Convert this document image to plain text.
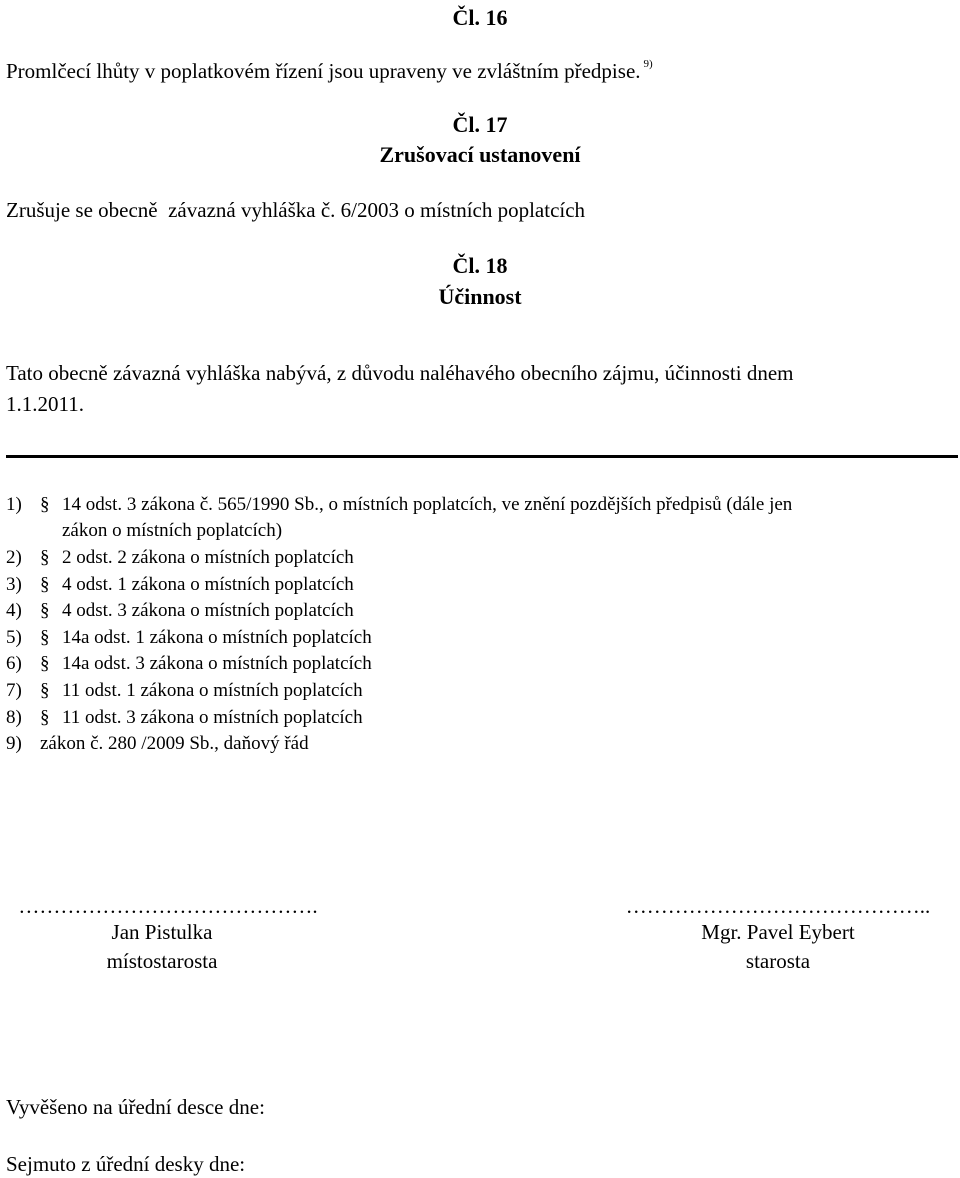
Čl. 16
Promlčecí lhůty v poplatkovém řízení jsou upraveny ve zvláštním předpise. $^{9)}$
Čl. 17
Zrušovací ustanovení
Zrušuje se obecně  závazná vyhláška č. 6/2003 o místních poplatcích
Čl. 18
Účinnost
Tato obecně závazná vyhláška nabývá, z důvodu naléhavého obecního zájmu, účinnosti dnem
1.1.2011.
1) § 14 odst. 3 zákona č. 565/1990 Sb., o místních poplatcích, ve znění pozdějších předpisů (dále jen
zákon o místních poplatcích)
2) § 2 odst. 2 zákona o místních poplatcích
3) § 4 odst. 1 zákona o místních poplatcích
4) § 4 odst. 3 zákona o místních poplatcích
5) § 14a odst. 1 zákona o místních poplatcích
6) § 14a odst. 3 zákona o místních poplatcích
7) § 11 odst. 1 zákona o místních poplatcích
8) § 11 odst. 3 zákona o místních poplatcích
9) zákon č. 280 /2009 Sb., daňový řád
…………………………………….
Jan Pistulka
místostarosta
……………………………………..
Mgr. Pavel Eybert
starosta
Vyvěšeno na úřední desce dne:
Sejmuto z úřední desky dne:
